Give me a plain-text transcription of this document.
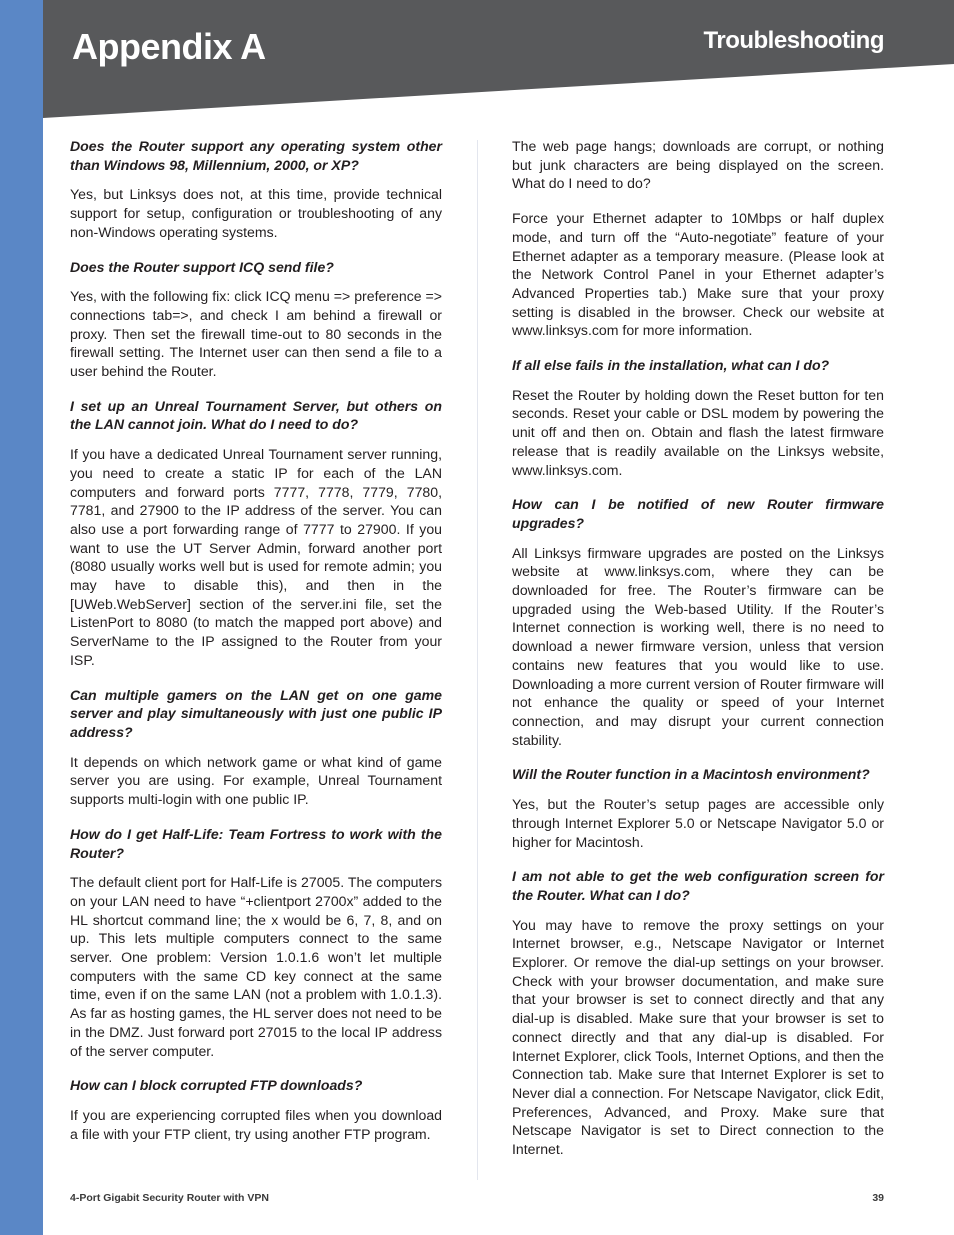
Appendix A	Troubleshooting

Does the Router support any operating system other than Windows 98, Millennium, 2000, or XP?

Yes, but Linksys does not, at this time, provide technical support for setup, configuration or troubleshooting of any non-Windows operating systems.

Does the Router support ICQ send file?

Yes, with the following fix: click ICQ menu => preference => connections tab=>, and check I am behind a firewall or proxy. Then set the firewall time-out to 80 seconds in the firewall setting. The Internet user can then send a file to a user behind the Router.

I set up an Unreal Tournament Server, but others on the LAN cannot join. What do I need to do?

If you have a dedicated Unreal Tournament server running, you need to create a static IP for each of the LAN computers and forward ports 7777, 7778, 7779, 7780, 7781, and 27900 to the IP address of the server. You can also use a port forwarding range of 7777 to 27900. If you want to use the UT Server Admin, forward another port (8080 usually works well but is used for remote admin; you may have to disable this), and then in the [UWeb.WebServer] section of the server.ini file, set the ListenPort to 8080 (to match the mapped port above) and ServerName to the IP assigned to the Router from your ISP.

Can multiple gamers on the LAN get on one game server and play simultaneously with just one public IP address?

It depends on which network game or what kind of game server you are using. For example, Unreal Tournament supports multi-login with one public IP.

How do I get Half-Life: Team Fortress to work with the Router?

The default client port for Half-Life is 27005. The computers on your LAN need to have “+clientport 2700x” added to the HL shortcut command line; the x would be 6, 7, 8, and on up. This lets multiple computers connect to the same server. One problem: Version 1.0.1.6 won’t let multiple computers with the same CD key connect at the same time, even if on the same LAN (not a problem with 1.0.1.3). As far as hosting games, the HL server does not need to be in the DMZ. Just forward port 27015 to the local IP address of the server computer.

How can I block corrupted FTP downloads?

If you are experiencing corrupted files when you download a file with your FTP client, try using another FTP program.

The web page hangs; downloads are corrupt, or nothing but junk characters are being displayed on the screen. What do I need to do?

Force your Ethernet adapter to 10Mbps or half duplex mode, and turn off the “Auto-negotiate” feature of your Ethernet adapter as a temporary measure. (Please look at the Network Control Panel in your Ethernet adapter’s Advanced Properties tab.) Make sure that your proxy setting is disabled in the browser. Check our website at www.linksys.com for more information.

If all else fails in the installation, what can I do?

Reset the Router by holding down the Reset button for ten seconds. Reset your cable or DSL modem by powering the unit off and then on. Obtain and flash the latest firmware release that is readily available on the Linksys website, www.linksys.com.

How can I be notified of new Router firmware upgrades?

All Linksys firmware upgrades are posted on the Linksys website at www.linksys.com, where they can be downloaded for free. The Router’s firmware can be upgraded using the Web-based Utility. If the Router’s Internet connection is working well, there is no need to download a newer firmware version, unless that version contains new features that you would like to use. Downloading a more current version of Router firmware will not enhance the quality or speed of your Internet connection, and may disrupt your current connection stability.

Will the Router function in a Macintosh environment?

Yes, but the Router’s setup pages are accessible only through Internet Explorer 5.0 or Netscape Navigator 5.0 or higher for Macintosh.

I am not able to get the web configuration screen for the Router. What can I do?

You may have to remove the proxy settings on your Internet browser, e.g., Netscape Navigator or Internet Explorer. Or remove the dial-up settings on your browser. Check with your browser documentation, and make sure that your browser is set to connect directly and that any dial-up is disabled. Make sure that your browser is set to connect directly and that any dial-up is disabled. For Internet Explorer, click Tools, Internet Options, and then the Connection tab. Make sure that Internet Explorer is set to Never dial a connection. For Netscape Navigator, click Edit, Preferences, Advanced, and Proxy. Make sure that Netscape Navigator is set to Direct connection to the Internet.

4-Port Gigabit Security Router with VPN	39
